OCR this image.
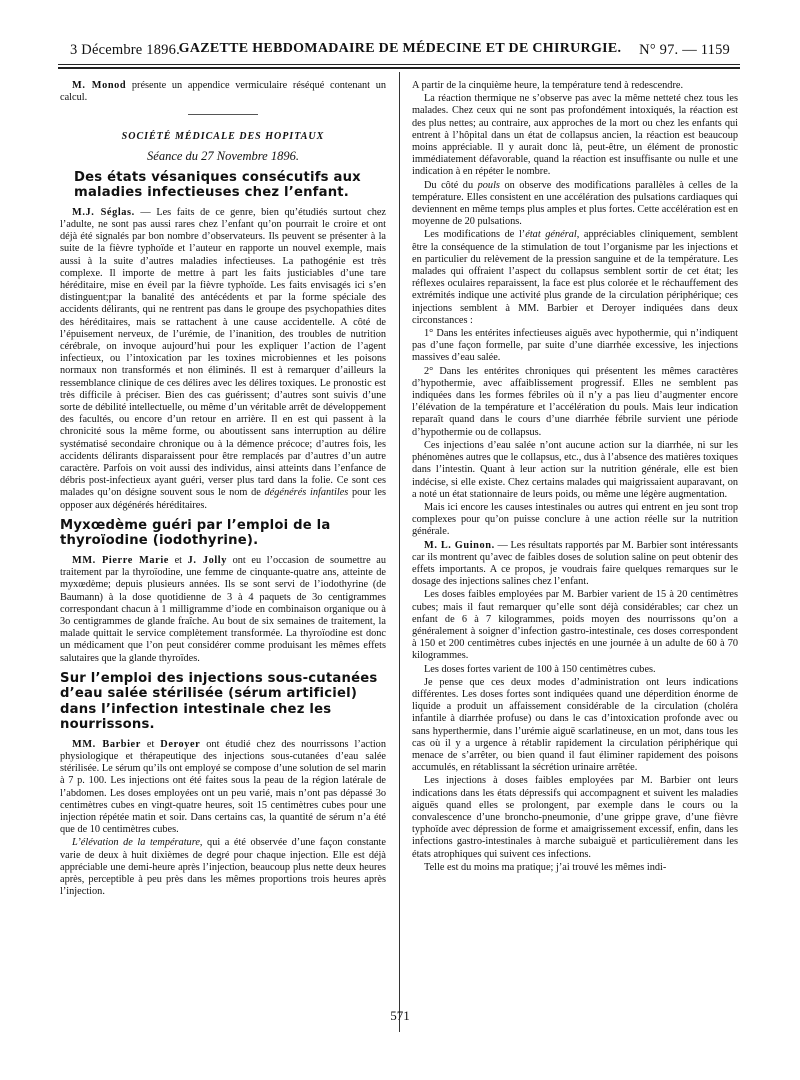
3 Décembre 1896.
GAZETTE HEBDOMADAIRE DE MÉDECINE ET DE CHIRURGIE.	N° 97. — 1159

M. Monod présente un appendice vermiculaire réséqué contenant un calcul.

SOCIÉTÉ MÉDICALE DES HOPITAUX
Séance du 27 Novembre 1896.
Des états vésaniques consécutifs aux maladies infectieuses chez l’enfant.

M.J. Séglas. — Les faits de ce genre, bien qu’étudiés surtout chez l’adulte, ne sont pas aussi rares chez l’enfant qu’on pourrait le croire et ont déjà été signalés par bon nombre d’observateurs. Ils peuvent se présenter à la suite de la fièvre typhoïde et l’auteur en rapporte un nouvel exemple, mais aussi à la suite d’autres maladies infectieuses. La pathogénie est très complexe. Il importe de mettre à part les faits justiciables d’une tare héréditaire, mise en éveil par la fièvre typhoïde. Les faits envisagés ici s’en distinguent;par la banalité des antécédents et par la forme spéciale des accidents délirants, qui ne rentrent pas dans le groupe des psychopathies dites des héréditaires, mais se rattachent à une cause accidentelle. A côté de l’épuisement nerveux, de l’urémie, de l’inanition, des troubles de nutrition cérébrale, on invoque aujourd’hui pour les expliquer l’action de l’agent infectieux, ou l’intoxication par les toxines microbiennes et les poisons normaux non transformés et non éliminés. Il est à remarquer d’ailleurs la ressemblance clinique de ces délires avec les délires toxiques. Le pronostic est très difficile à préciser. Bien des cas guérissent; d’autres sont suivis d’une sorte de débilité intellectuelle, ou même d’un véritable arrêt de développement des facultés, ou encore d’un retour en arrière. Il en est qui passent à la chronicité sous la même forme, ou aboutissent sans interruption au délire systématisé secondaire chronique ou à la démence précoce; d’autres fois, les accidents délirants disparaissent pour être remplacés par d’autres d’un autre caractère. Parfois on voit aussi des individus, ainsi atteints dans l’enfance de débris post-infectieux ayant guéri, verser plus tard dans la folie. Ce sont ces malades qu’on désigne souvent sous le nom de dégénérés infantiles pour les opposer aux dégénérés héréditaires.

Myxœdème guéri par l’emploi de la thyroïodine (iodothyrine).

MM. Pierre Marie et J. Jolly ont eu l’occasion de soumettre au traitement par la thyroïodine, une femme de cinquante-quatre ans, atteinte de myxœdème; depuis plusieurs années. Ils se sont servi de l’iodothyrine (de Baumann) à la dose quotidienne de 3 à 4 paquets de 3o centigrammes correspondant chacun à 1 milligramme d’iode en combinaison organique ou à 3o centigrammes de glande fraîche. Au bout de six semaines de traitement, la malade quittait le service complètement transformée. La thyroïodine est donc un médicament que l’on peut considérer comme produisant les mêmes effets salutaires que la glande thyroïdes.

Sur l’emploi des injections sous-cutanées d’eau salée stérilisée (sérum artificiel) dans l’infection intestinale chez les nourrissons.

MM. Barbier et Deroyer ont étudié chez des nourrissons l’action physiologique et thérapeutique des injections sous-cutanées d’eau salée stérilisée. Le sérum qu’ils ont employé se compose d’une solution de sel marin à 7 p. 100. Les injections ont été faites sous la peau de la région latérale de l’abdomen. Les doses employées ont un peu varié, mais n’ont pas dépassé 3o centimètres cubes en vingt-quatre heures, soit 15 centimètres cubes pour une injection répétée matin et soir. Dans certains cas, la quantité de sérum n’a été que de 10 centimètres cubes.

L’élévation de la température, qui a été observée d’une façon constante varie de deux à huit dixièmes de degré pour chaque injection. Elle est déjà appréciable une demi-heure après l’injection, beaucoup plus nette deux heures après, perceptible à peu près dans les mêmes proportions trois heures après l’injection.

A partir de la cinquième heure, la température tend à redescendre.

La réaction thermique ne s’observe pas avec la même netteté chez tous les malades. Chez ceux qui ne sont pas profondément intoxiqués, la réaction est des plus nettes; au contraire, aux approches de la mort ou chez les enfants qui entrent à l’hôpital dans un état de collapsus ancien, la réaction est beaucoup moins appréciable. Il y aurait donc là, peut-être, un élément de pronostic immédiatement défavorable, quand la réaction est insuffisante ou nulle et une indication à en répéter le nombre.

Du côté du pouls on observe des modifications parallèles à celles de la température. Elles consistent en une accélération des pulsations cardiaques qui deviennent en même temps plus amples et plus fortes. Cette accélération est en moyenne de 20 pulsations.

Les modifications de l’état général, appréciables cliniquement, semblent être la conséquence de la stimulation de tout l’organisme par les injections et en particulier du relèvement de la pression sanguine et de la température. Les malades qui offraient l’aspect du collapsus semblent sortir de cet état; les réflexes oculaires reparaissent, la face est plus colorée et le réchauffement des extrémités indique une activité plus grande de la circulation périphérique; ces injections semblent à MM. Barbier et Deroyer indiquées dans deux circonstances :

1° Dans les entérites infectieuses aiguës avec hypothermie, qui n’indiquent pas d’une façon formelle, par suite d’une diarrhée excessive, les injections massives d’eau salée.

2° Dans les entérites chroniques qui présentent les mêmes caractères d’hypothermie, avec affaiblissement progressif. Elles ne semblent pas indiquées dans les formes fébriles où il n’y a pas lieu d’augmenter encore l’élévation de la température et l’accélération du pouls. Mais leur indication reparaît quand dans le cours d’une diarrhée fébrile survient une période d’hypothermie ou de collapsus.

Ces injections d’eau salée n’ont aucune action sur la diarrhée, ni sur les phénomènes autres que le collapsus, etc., dus à l’absence des matières toxiques dans l’intestin. Quant à leur action sur la nutrition générale, elle est bien indécise, si elle existe. Chez certains malades qui maigrissaient auparavant, on a noté un état stationnaire de leurs poids, ou même une légère augmentation.

Mais ici encore les causes intestinales ou autres qui entrent en jeu sont trop complexes pour qu’on puisse conclure à une action réelle sur la nutrition générale.

M. L. Guinon. — Les résultats rapportés par M. Barbier sont intéressants car ils montrent qu’avec de faibles doses de solution saline on peut obtenir des effets importants. A ce propos, je voudrais faire quelques remarques sur le dosage des injections salines chez l’enfant.

Les doses faibles employées par M. Barbier varient de 15 à 20 centimètres cubes; mais il faut remarquer qu’elle sont déjà considérables; car chez un enfant de 6 à 7 kilogrammes, poids moyen des nourrissons qu’on a généralement à soigner d’infection gastro-intestinale, ces doses correspondent à 150 et 200 centimètres cubes injectés en une journée à un adulte de 60 à 70 kilogrammes.

Les doses fortes varient de 100 à 150 centimètres cubes.

Je pense que ces deux modes d’administration ont leurs indications différentes. Les doses fortes sont indiquées quand une déperdition énorme de liquide a produit un affaissement considérable de la circulation (choléra infantile à diarrhée profuse) ou dans le cas d’intoxication profonde avec ou sans hyperthermie, dans l’urémie aiguë scarlatineuse, en un mot, dans tous les cas où il y a urgence à rétablir rapidement la circulation périphérique qui menace de s’arrêter, ou bien quand il faut éliminer rapidement des poisons accumulés, en rétablissant la sécrétion urinaire arrêtée.

Les injections à doses faibles employées par M. Barbier ont leurs indications dans les états dépressifs qui accompagnent et suivent les maladies aiguës quand elles se prolongent, par exemple dans le cours ou la convalescence d’une broncho-pneumonie, d’une grippe grave, d’une fièvre typhoïde avec dépression de forme et amaigrissement excessif, enfin, dans les infections gastro-intestinales à marche subaiguë et particulièrement dans les états atrophiques qui suivent ces infections.

Telle est du moins ma pratique; j’ai trouvé les mêmes indi-

571
